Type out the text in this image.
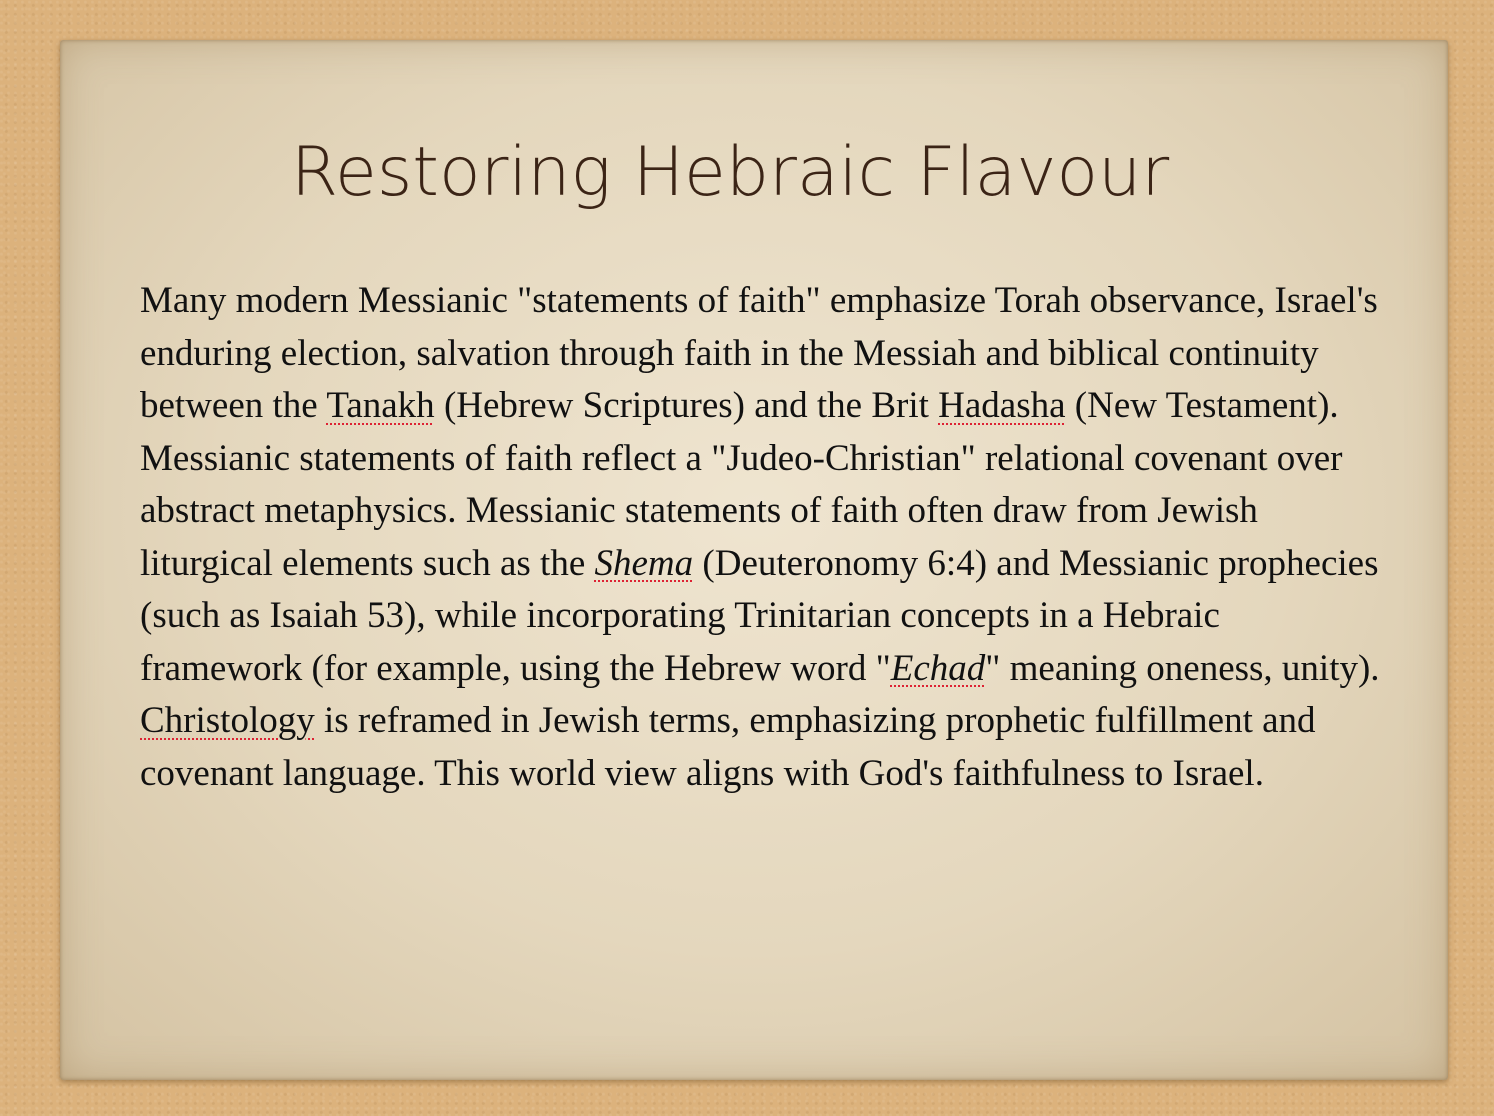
Restoring Hebraic Flavour

Many modern Messianic "statements of faith" emphasize Torah observance, Israel's enduring election, salvation through faith in the Messiah and biblical continuity between the Tanakh (Hebrew Scriptures) and the Brit Hadasha (New Testament). Messianic statements of faith reflect a "Judeo-Christian" relational covenant over abstract metaphysics. Messianic statements of faith often draw from Jewish liturgical elements such as the Shema (Deuteronomy 6:4) and Messianic prophecies (such as Isaiah 53), while incorporating Trinitarian concepts in a Hebraic framework (for example, using the Hebrew word "Echad" meaning oneness, unity). Christology is reframed in Jewish terms, emphasizing prophetic fulfillment and covenant language. This world view aligns with God's faithfulness to Israel.
